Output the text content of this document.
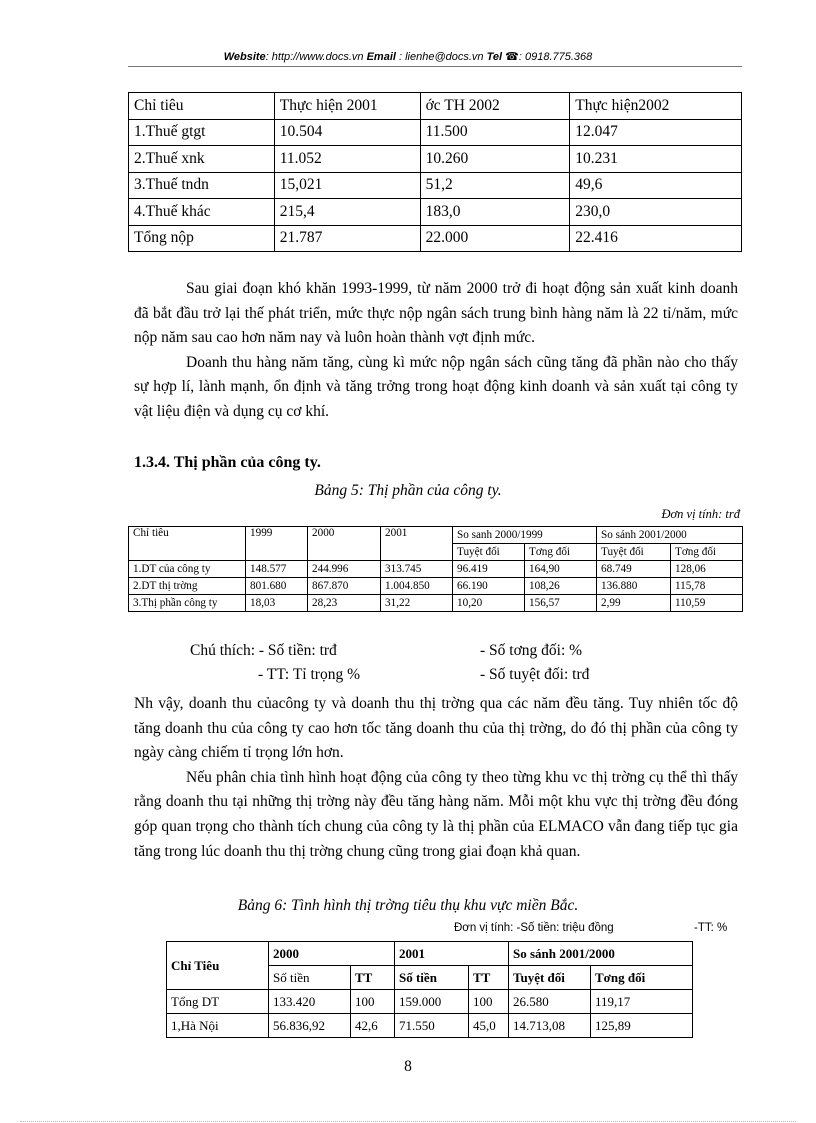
Website: http://www.docs.vn Email : lienhe@docs.vn Tel ☎: 0918.775.368
Chỉ tiêu	Thực hiện 2001	ớc TH 2002	Thực hiện2002
1.Thuế gtgt	10.504	11.500	12.047
2.Thuế xnk	11.052	10.260	10.231
3.Thuế tndn	15,021	51,2	49,6
4.Thuế khác	215,4	183,0	230,0
Tổng nộp	21.787	22.000	22.416

Sau giai đoạn khó khăn 1993-1999, từ năm 2000 trở đi hoạt động sản xuất kinh doanh đã bắt đầu trở lại thế phát triển, mức thực nộp ngân sách trung bình hàng năm là 22 tỉ/năm, mức nộp năm sau cao hơn năm nay và luôn hoàn thành vợt định mức.

Doanh thu hàng năm tăng, cùng kì mức nộp ngân sách cũng tăng đã phần nào cho thấy sự hợp lí, lành mạnh, ổn định và tăng trởng trong hoạt động kinh doanh và sản xuất tại công ty vật liệu điện và dụng cụ cơ khí.

1.3.4. Thị phần của công ty.
Bảng 5: Thị phần của công ty.
Đơn vị tính: trđ
Chỉ tiêu	1999	2000	2001	So sanh 2000/1999		So sánh 2001/2000	
				Tuyệt đối	Tơng đối	Tuyệt đối	Tơng đối
1.DT của công ty	148.577	244.996	313.745	96.419	164,90	68.749	128,06
2.DT thị trờng	801.680	867.870	1.004.850	66.190	108,26	136.880	115,78
3.Thị phần công ty	18,03	28,23	31,22	10,20	156,57	2,99	110,59
Chú thích: - Số tiền: trđ	- Số tơng đối: %
- TT: Tỉ trọng %	- Số tuyệt đối: trđ

Nh vậy, doanh thu củacông ty và doanh thu thị trờng qua các năm đều tăng. Tuy nhiên tốc độ tăng doanh thu của công ty cao hơn tốc tăng doanh thu của thị trờng, do đó thị phần của công ty ngày càng chiếm tỉ trọng lớn hơn.

Nếu phân chia tình hình hoạt động của công ty theo từng khu vc thị trờng cụ thể thì thấy rằng doanh thu tại những thị trờng này đều tăng hàng năm. Mỗi một khu vực thị trờng đều đóng góp quan trọng cho thành tích chung của công ty là thị phần của ELMACO vẫn đang tiếp tục gia tăng trong lúc doanh thu thị trờng chung cũng trong giai đoạn khả quan.

Bảng 6: Tình hình thị trờng tiêu thụ khu vực miền Bắc.
Đơn vị tính: -Số tiền: triệu đồng	-TT: %
Chỉ Tiêu	2000		2001		So sánh 2001/2000	
	Số tiền	TT	Số tiền	TT	Tuyệt đối	Tơng đối
Tổng DT	133.420	100	159.000	100	26.580	119,17
1,Hà Nội	56.836,92	42,6	71.550	45,0	14.713,08	125,89
8
